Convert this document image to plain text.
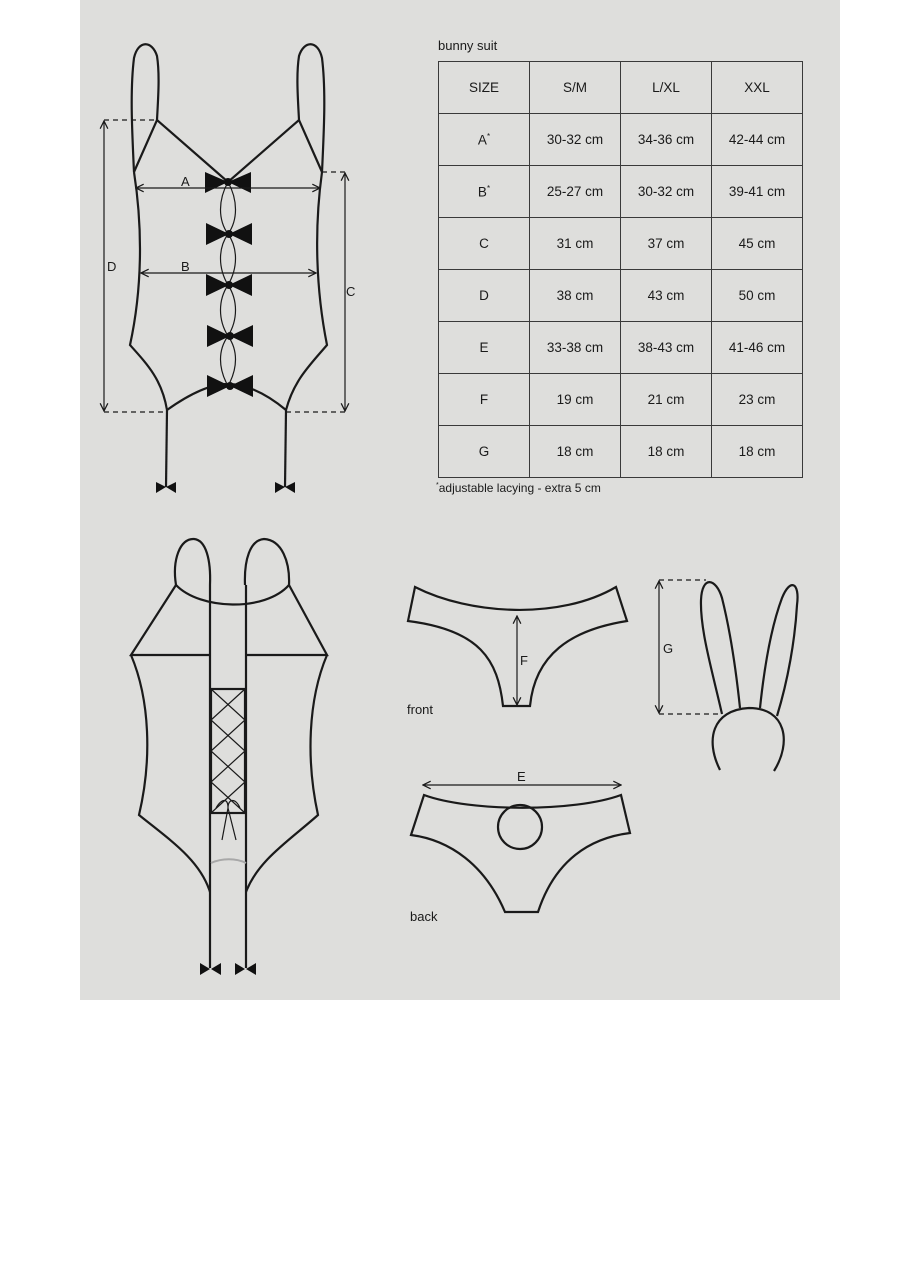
bunny suit
SIZE	S/M	L/XL	XXL
A*	30-32 cm	34-36 cm	42-44 cm
B*	25-27 cm	30-32 cm	39-41 cm
C	31 cm	37 cm	45 cm
D	38 cm	43 cm	50 cm
E	33-38 cm	38-43 cm	41-46 cm
F	19 cm	21 cm	23 cm
G	18 cm	18 cm	18 cm
*adjustable lacying - extra 5 cm
A
B
D
C
F
front
E
back
G
